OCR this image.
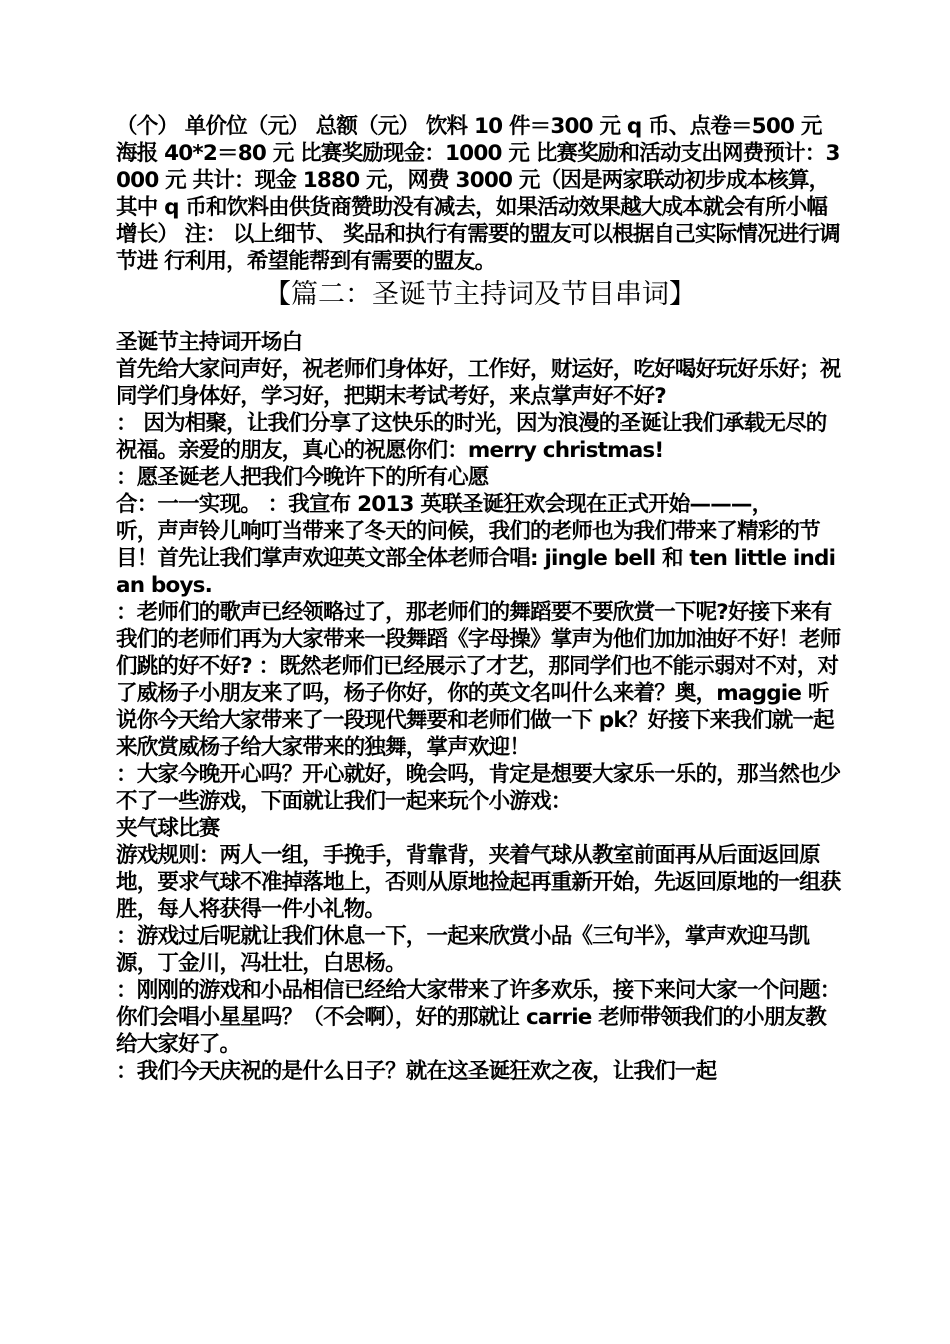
（个） 单价位（元） 总额（元） 饮料 10 件＝300 元 q 币、点卷＝500 元 海报 40*2＝80 元 比赛奖励现金：1000 元 比赛奖励和活动支出网费预计：3000 元 共计：现金 1880 元，网费 3000 元（因是两家联动初步成本核算，其中 q 币和饮料由供货商赞助没有减去，如果活动效果越大成本就会有所小幅增长） 注： 以上细节、 奖品和执行有需要的盟友可以根据自己实际情况进行调节进 行利用，希望能帮到有需要的盟友。

【篇二：圣诞节主持词及节目串词】

圣诞节主持词开场白

首先给大家问声好，祝老师们身体好，工作好，财运好，吃好喝好玩好乐好；祝同学们身体好，学习好，把期末考试考好，来点掌声好不好?

： 因为相聚，让我们分享了这快乐的时光，因为浪漫的圣诞让我们承载无尽的祝福。亲爱的朋友，真心的祝愿你们：merry christmas!

：愿圣诞老人把我们今晚许下的所有心愿

合：一一实现。 ：我宣布 2013 英联圣诞狂欢会现在正式开始———，

听，声声铃儿响叮当带来了冬天的问候，我们的老师也为我们带来了精彩的节目！首先让我们掌声欢迎英文部全体老师合唱: jingle bell 和 ten little indian boys.

：老师们的歌声已经领略过了，那老师们的舞蹈要不要欣赏一下呢?好接下来有我们的老师们再为大家带来一段舞蹈《字母操》掌声为他们加加油好不好！老师们跳的好不好? ：既然老师们已经展示了才艺，那同学们也不能示弱对不对，对了威杨子小朋友来了吗，杨子你好，你的英文名叫什么来着？奥，maggie 听说你今天给大家带来了一段现代舞要和老师们做一下 pk？好接下来我们就一起来欣赏威杨子给大家带来的独舞，掌声欢迎！

：大家今晚开心吗？开心就好，晚会吗，肯定是想要大家乐一乐的，那当然也少不了一些游戏，下面就让我们一起来玩个小游戏：

夹气球比赛

游戏规则：两人一组，手挽手，背靠背，夹着气球从教室前面再从后面返回原地，要求气球不准掉落地上，否则从原地捡起再重新开始，先返回原地的一组获胜，每人将获得一件小礼物。

：游戏过后呢就让我们休息一下，一起来欣赏小品《三句半》，掌声欢迎马凯源，丁金川，冯壮壮，白思杨。

：刚刚的游戏和小品相信已经给大家带来了许多欢乐，接下来问大家一个问题：你们会唱小星星吗？（不会啊），好的那就让 carrie 老师带领我们的小朋友教给大家好了。

：我们今天庆祝的是什么日子？就在这圣诞狂欢之夜，让我们一起
